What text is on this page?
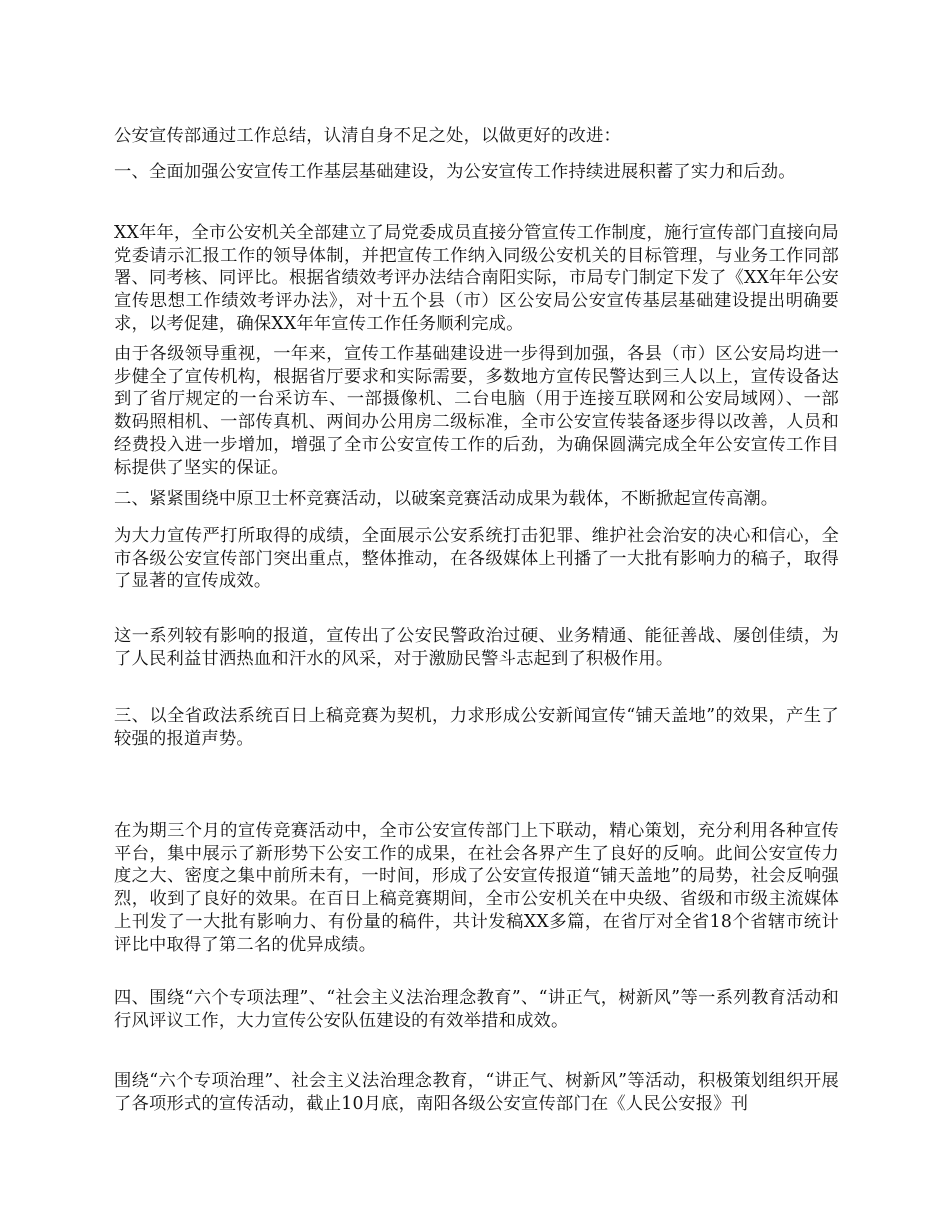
公安宣传部通过工作总结，认清自身不足之处，以做更好的改进：

一、全面加强公安宣传工作基层基础建设，为公安宣传工作持续进展积蓄了实力和后劲。

XX年年，全市公安机关全部建立了局党委成员直接分管宣传工作制度，施行宣传部门直接向局党委请示汇报工作的领导体制，并把宣传工作纳入同级公安机关的目标管理，与业务工作同部署、同考核、同评比。根据省绩效考评办法结合南阳实际，市局专门制定下发了《XX年年公安宣传思想工作绩效考评办法》，对十五个县（市）区公安局公安宣传基层基础建设提出明确要求，以考促建，确保XX年年宣传工作任务顺利完成。

由于各级领导重视，一年来，宣传工作基础建设进一步得到加强，各县（市）区公安局均进一步健全了宣传机构，根据省厅要求和实际需要，多数地方宣传民警达到三人以上，宣传设备达到了省厅规定的一台采访车、一部摄像机、二台电脑（用于连接互联网和公安局域网）、一部数码照相机、一部传真机、两间办公用房二级标准，全市公安宣传装备逐步得以改善，人员和经费投入进一步增加，增强了全市公安宣传工作的后劲，为确保圆满完成全年公安宣传工作目标提供了坚实的保证。

二、紧紧围绕中原卫士杯竞赛活动，以破案竞赛活动成果为载体，不断掀起宣传高潮。

为大力宣传严打所取得的成绩，全面展示公安系统打击犯罪、维护社会治安的决心和信心，全市各级公安宣传部门突出重点，整体推动，在各级媒体上刊播了一大批有影响力的稿子，取得了显著的宣传成效。

这一系列较有影响的报道，宣传出了公安民警政治过硬、业务精通、能征善战、屡创佳绩，为了人民利益甘洒热血和汗水的风采，对于激励民警斗志起到了积极作用。

三、以全省政法系统百日上稿竞赛为契机，力求形成公安新闻宣传“铺天盖地”的效果，产生了较强的报道声势。

在为期三个月的宣传竞赛活动中，全市公安宣传部门上下联动，精心策划，充分利用各种宣传平台，集中展示了新形势下公安工作的成果，在社会各界产生了良好的反响。此间公安宣传力度之大、密度之集中前所未有，一时间，形成了公安宣传报道“铺天盖地”的局势，社会反响强烈，收到了良好的效果。在百日上稿竞赛期间，全市公安机关在中央级、省级和市级主流媒体上刊发了一大批有影响力、有份量的稿件，共计发稿XX多篇，在省厅对全省18个省辖市统计评比中取得了第二名的优异成绩。

四、围绕“六个专项法理”、“社会主义法治理念教育”、“讲正气，树新风”等一系列教育活动和行风评议工作，大力宣传公安队伍建设的有效举措和成效。

围绕“六个专项治理”、社会主义法治理念教育，“讲正气、树新风”等活动，积极策划组织开展了各项形式的宣传活动，截止10月底，南阳各级公安宣传部门在《人民公安报》刊
